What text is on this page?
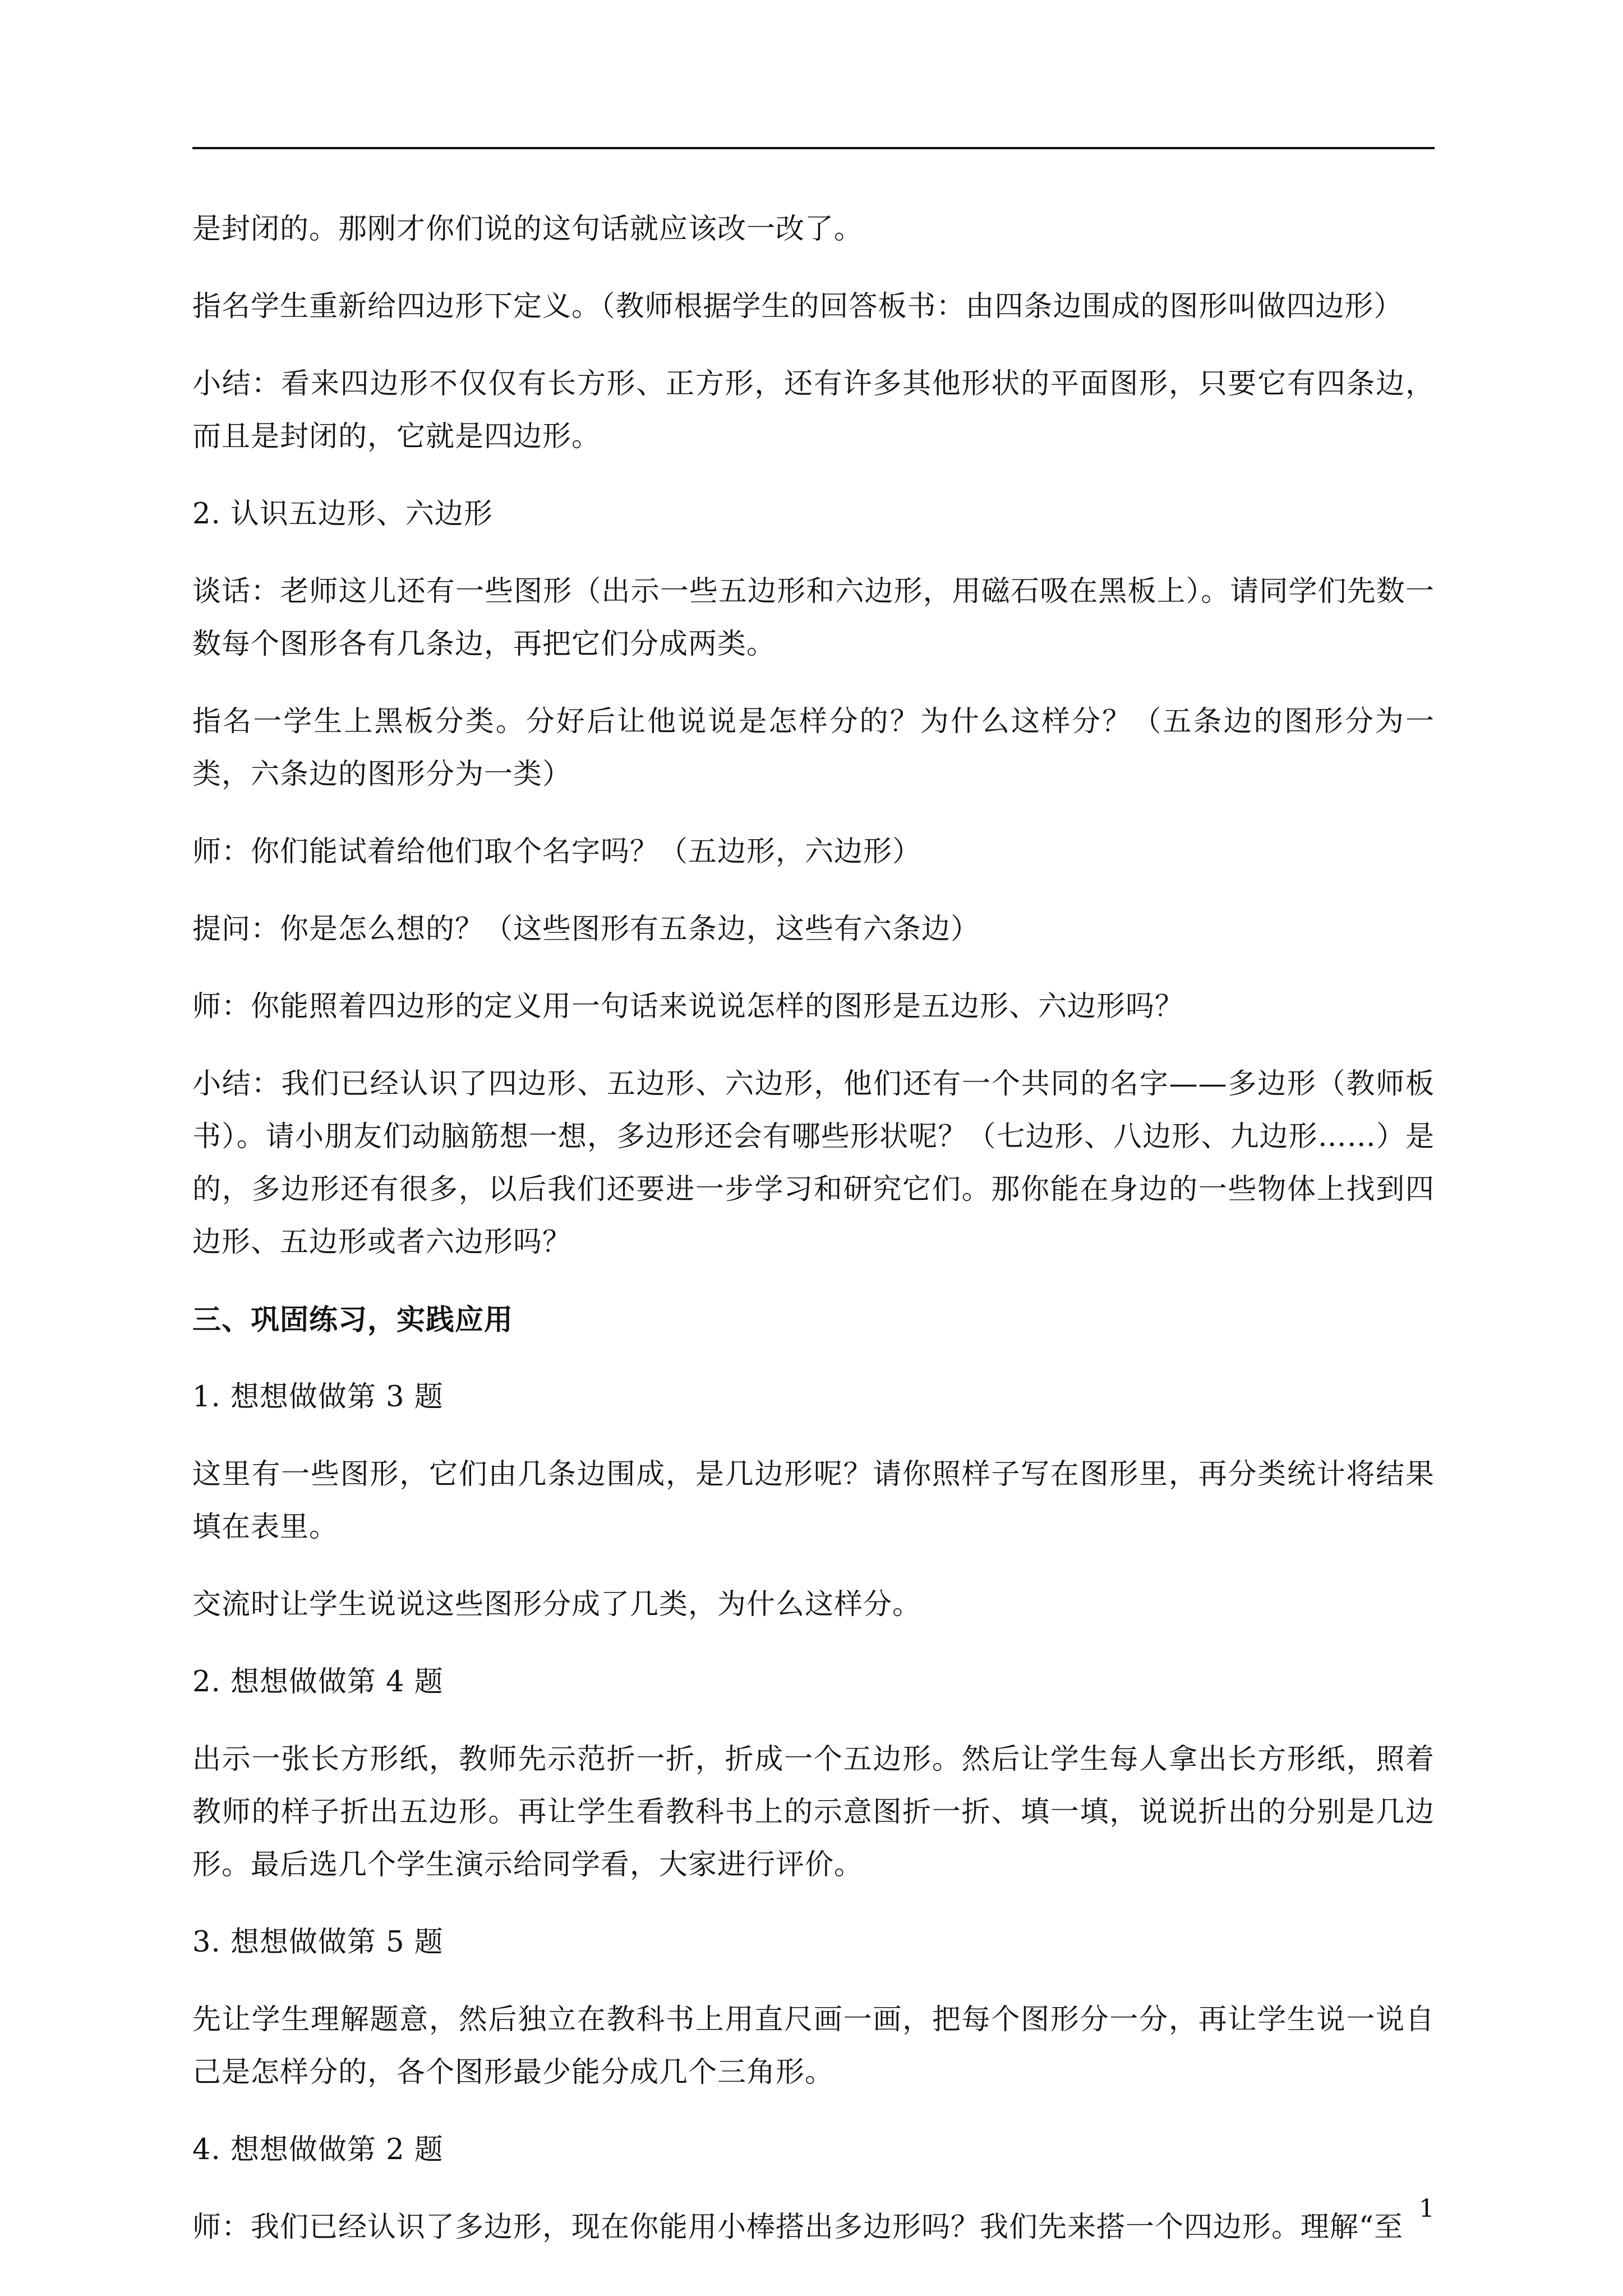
是封闭的。那刚才你们说的这句话就应该改一改了。

指名学生重新给四边形下定义。（教师根据学生的回答板书：由四条边围成的图形叫做四边形）

小结：看来四边形不仅仅有长方形、正方形，还有许多其他形状的平面图形，只要它有四条边，而且是封闭的，它就是四边形。

2. 认识五边形、六边形

谈话：老师这儿还有一些图形（出示一些五边形和六边形，用磁石吸在黑板上）。请同学们先数一数每个图形各有几条边，再把它们分成两类。

指名一学生上黑板分类。分好后让他说说是怎样分的？为什么这样分？（五条边的图形分为一类，六条边的图形分为一类）

师：你们能试着给他们取个名字吗？（五边形，六边形）

提问：你是怎么想的？（这些图形有五条边，这些有六条边）

师：你能照着四边形的定义用一句话来说说怎样的图形是五边形、六边形吗？

小结：我们已经认识了四边形、五边形、六边形，他们还有一个共同的名字——多边形（教师板书）。请小朋友们动脑筋想一想，多边形还会有哪些形状呢？（七边形、八边形、九边形……）是的，多边形还有很多，以后我们还要进一步学习和研究它们。那你能在身边的一些物体上找到四边形、五边形或者六边形吗？

三、巩固练习，实践应用

1. 想想做做第 3 题

这里有一些图形，它们由几条边围成，是几边形呢？请你照样子写在图形里，再分类统计将结果填在表里。

交流时让学生说说这些图形分成了几类，为什么这样分。

2. 想想做做第 4 题

出示一张长方形纸，教师先示范折一折，折成一个五边形。然后让学生每人拿出长方形纸，照着教师的样子折出五边形。再让学生看教科书上的示意图折一折、填一填，说说折出的分别是几边形。最后选几个学生演示给同学看，大家进行评价。

3. 想想做做第 5 题

先让学生理解题意，然后独立在教科书上用直尺画一画，把每个图形分一分，再让学生说一说自己是怎样分的，各个图形最少能分成几个三角形。

4. 想想做做第 2 题

师：我们已经认识了多边形，现在你能用小棒搭出多边形吗？我们先来搭一个四边形。理解“至

1
